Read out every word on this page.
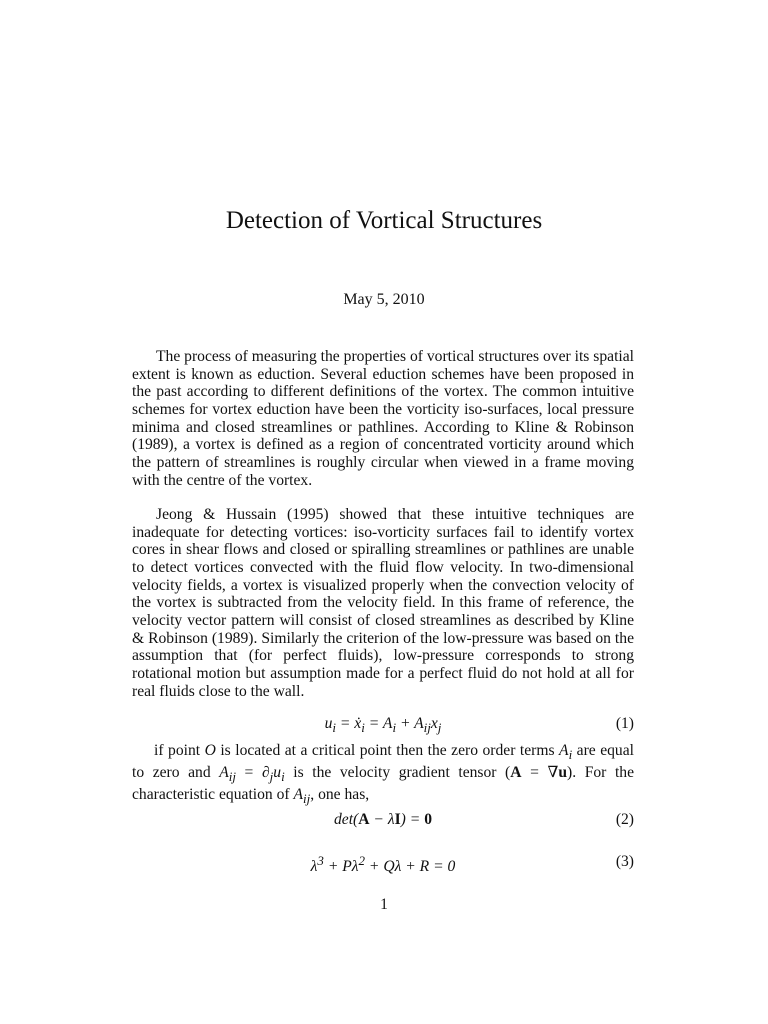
Detection of Vortical Structures
May 5, 2010

The process of measuring the properties of vortical structures over its spatial extent is known as eduction. Several eduction schemes have been proposed in the past according to different definitions of the vortex. The common intuitive schemes for vortex eduction have been the vorticity iso-surfaces, local pressure minima and closed streamlines or pathlines. According to Kline & Robinson (1989), a vortex is defined as a region of concentrated vorticity around which the pattern of streamlines is roughly circular when viewed in a frame moving with the centre of the vortex.

Jeong & Hussain (1995) showed that these intuitive techniques are inadequate for detecting vortices: iso-vorticity surfaces fail to identify vortex cores in shear flows and closed or spiralling streamlines or pathlines are unable to detect vortices convected with the fluid flow velocity. In two-dimensional velocity fields, a vortex is visualized properly when the convection velocity of the vortex is subtracted from the velocity field. In this frame of reference, the velocity vector pattern will consist of closed streamlines as described by Kline & Robinson (1989). Similarly the criterion of the low-pressure was based on the assumption that (for perfect fluids), low-pressure corresponds to strong rotational motion but assumption made for a perfect fluid do not hold at all for real fluids close to the wall.

$u_i$ = ẋ$_i$ = $A_i + A_{ij}x_j$	(1)

if point O is located at a critical point then the zero order terms $A_i$ are equal to zero and $A_{ij} = \partial_ju_i$ is the velocity gradient tensor (A = ∇u). For the characteristic equation of $A_{ij}$, one has,

det(A − λI) = 0	(2)
$\lambda^3 + P\lambda^2 + Q\lambda + R = 0$	(3)
1
